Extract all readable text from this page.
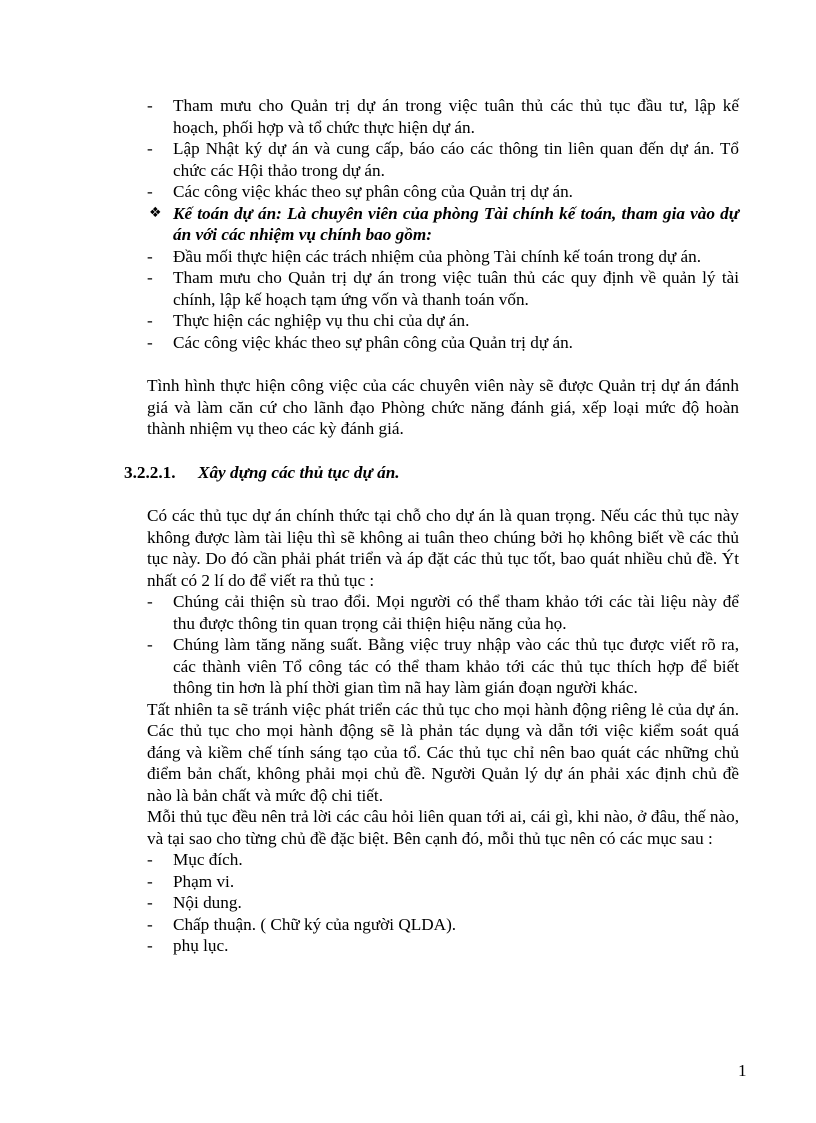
- Tham mưu cho Quản trị dự án trong việc tuân thủ các thủ tục đầu tư, lập kế hoạch, phối hợp và tổ chức thực hiện dự án.
- Lập Nhật ký dự án và cung cấp, báo cáo các thông tin liên quan đến dự án. Tổ chức các Hội thảo trong dự án.
- Các công việc khác theo sự phân công của Quản trị dự án.
❖ Kế toán dự án: Là chuyên viên của phòng Tài chính kế toán, tham gia vào dự án với các nhiệm vụ chính bao gồm:
- Đầu mối thực hiện các trách nhiệm của phòng Tài chính kế toán trong dự án.
- Tham mưu cho Quản trị dự án trong việc tuân thủ các quy định về quản lý tài chính, lập kế hoạch tạm ứng vốn và thanh toán vốn.
- Thực hiện các nghiệp vụ thu chi của dự án.
- Các công việc khác theo sự phân công của Quản trị dự án.

Tình hình thực hiện công việc của các chuyên viên này sẽ được Quản trị dự án đánh giá và làm căn cứ cho lãnh đạo Phòng chức năng đánh giá, xếp loại mức độ hoàn thành nhiệm vụ theo các kỳ đánh giá.

3.2.2.1. Xây dựng các thủ tục dự án.

Có các thủ tục dự án chính thức tại chỗ cho dự án là quan trọng. Nếu các thủ tục này không được làm tài liệu thì sẽ không ai tuân theo chúng bởi họ không biết về các thủ tục này. Do đó cần phải phát triển và áp đặt các thủ tục tốt, bao quát nhiều chủ đề. Ýt nhất có 2 lí do để viết ra thủ tục :

- Chúng cải thiện sù trao đổi. Mọi người có thể tham khảo tới các tài liệu này để thu được thông tin quan trọng cải thiện hiệu năng của họ.
- Chúng làm tăng năng suất. Bằng việc truy nhập vào các thủ tục được viết rõ ra, các thành viên Tổ công tác có thể tham khảo tới các thủ tục thích hợp để biết thông tin hơn là phí thời gian tìm nã hay làm gián đoạn người khác.

Tất nhiên ta sẽ tránh việc phát triển các thủ tục cho mọi hành động riêng lẻ của dự án. Các thủ tục cho mọi hành động sẽ là phản tác dụng và dẫn tới việc kiểm soát quá đáng và kiềm chế tính sáng tạo của tổ. Các thủ tục chỉ nên bao quát các những chủ điểm bản chất, không phải mọi chủ đề. Người Quản lý dự án phải xác định chủ đề nào là bản chất và mức độ chi tiết.

Mỗi thủ tục đều nên trả lời các câu hỏi liên quan tới ai, cái gì, khi nào, ở đâu, thế nào, và tại sao cho từng chủ đề đặc biệt. Bên cạnh đó, mỗi thủ tục nên có các mục sau :

- Mục đích.
- Phạm vi.
- Nội dung.
- Chấp thuận. ( Chữ ký của người QLDA).
- phụ lục.
1
